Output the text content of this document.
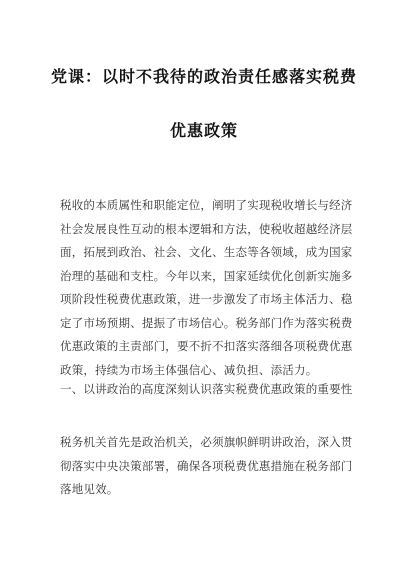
党课：以时不我待的政治责任感落实税费
优惠政策
税收的本质属性和职能定位，阐明了实现税收增长与经济
社会发展良性互动的根本逻辑和方法，使税收超越经济层
面，拓展到政治、社会、文化、生态等各领域，成为国家
治理的基础和支柱。今年以来，国家延续优化创新实施多
项阶段性税费优惠政策，进一步激发了市场主体活力、稳
定了市场预期、提振了市场信心。税务部门作为落实税费
优惠政策的主责部门，要不折不扣落实落细各项税费优惠
政策，持续为市场主体强信心、减负担、添活力。
一、以讲政治的高度深刻认识落实税费优惠政策的重要性
税务机关首先是政治机关，必须旗帜鲜明讲政治，深入贯
彻落实中央决策部署，确保各项税费优惠措施在税务部门
落地见效。
